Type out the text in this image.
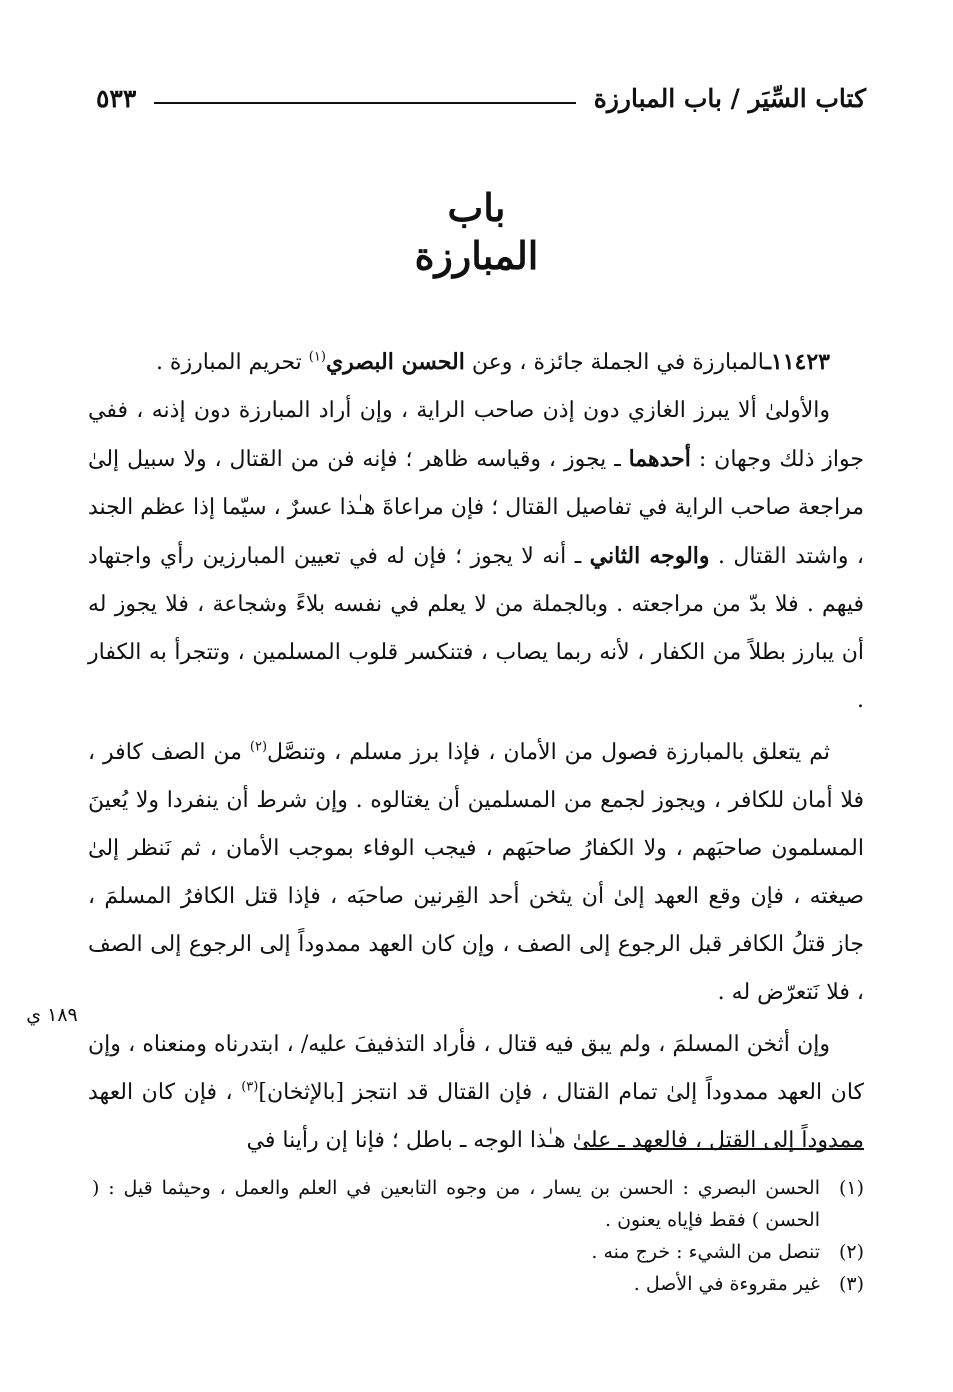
كتاب السِّيَر / باب المبارزة
٥٣٣
باب
المبارزة

١١٤٢٣ـالمبارزة في الجملة جائزة ، وعن الحسن البصري$^{(١)}$ تحريم المبارزة .

والأولىٰ ألا يبرز الغازي دون إذن صاحب الراية ، وإن أراد المبارزة دون إذنه ، ففي جواز ذلك وجهان : أحدهما ـ يجوز ، وقياسه ظاهر ؛ فإنه فن من القتال ، ولا سبيل إلىٰ مراجعة صاحب الراية في تفاصيل القتال ؛ فإن مراعاةَ هـٰذا عسرٌ ، سيّما إذا عظم الجند ، واشتد القتال . والوجه الثاني ـ أنه لا يجوز ؛ فإن له في تعيين المبارزين رأي واجتهاد فيهم . فلا بدّ من مراجعته . وبالجملة من لا يعلم في نفسه بلاءً وشجاعة ، فلا يجوز له أن يبارز بطلاً من الكفار ، لأنه ربما يصاب ، فتنكسر قلوب المسلمين ، وتتجرأ به الكفار .

ثم يتعلق بالمبارزة فصول من الأمان ، فإذا برز مسلم ، وتنصَّل$^{(٢)}$ من الصف كافر ، فلا أمان للكافر ، ويجوز لجمع من المسلمين أن يغتالوه . وإن شرط أن ينفردا ولا يُعينَ المسلمون صاحبَهم ، ولا الكفارُ صاحبَهم ، فيجب الوفاء بموجب الأمان ، ثم نَنظر إلىٰ صيغته ، فإن وقع العهد إلىٰ أن يثخن أحد القِرنين صاحبَه ، فإذا قتل الكافرُ المسلمَ ، جاز قتلُ الكافر قبل الرجوع إلى الصف ، وإن كان العهد ممدوداً إلى الرجوع إلى الصف ، فلا نَتعرّض له .

وإن أثخن المسلمَ ، ولم يبق فيه قتال ، فأراد التذفيفَ عليه/ ، ابتدرناه ومنعناه ، وإن كان العهد ممدوداً إلىٰ تمام القتال ، فإن القتال قد انتجز [بالإثخان]$^{(٣)}$ ، فإن كان العهد ممدوداً إلى القتل ، فالعهد ـ علىٰ هـٰذا الوجه ـ باطل ؛ فإنا إن رأينا في

١٨٩ ي
(١)
الحسن البصري : الحسن بن يسار ، من وجوه التابعين في العلم والعمل ، وحيثما قيل : ( الحسن ) فقط فإياه يعنون .
(٢)
تنصل من الشيء : خرج منه .
(٣)
غير مقروءة في الأصل .
